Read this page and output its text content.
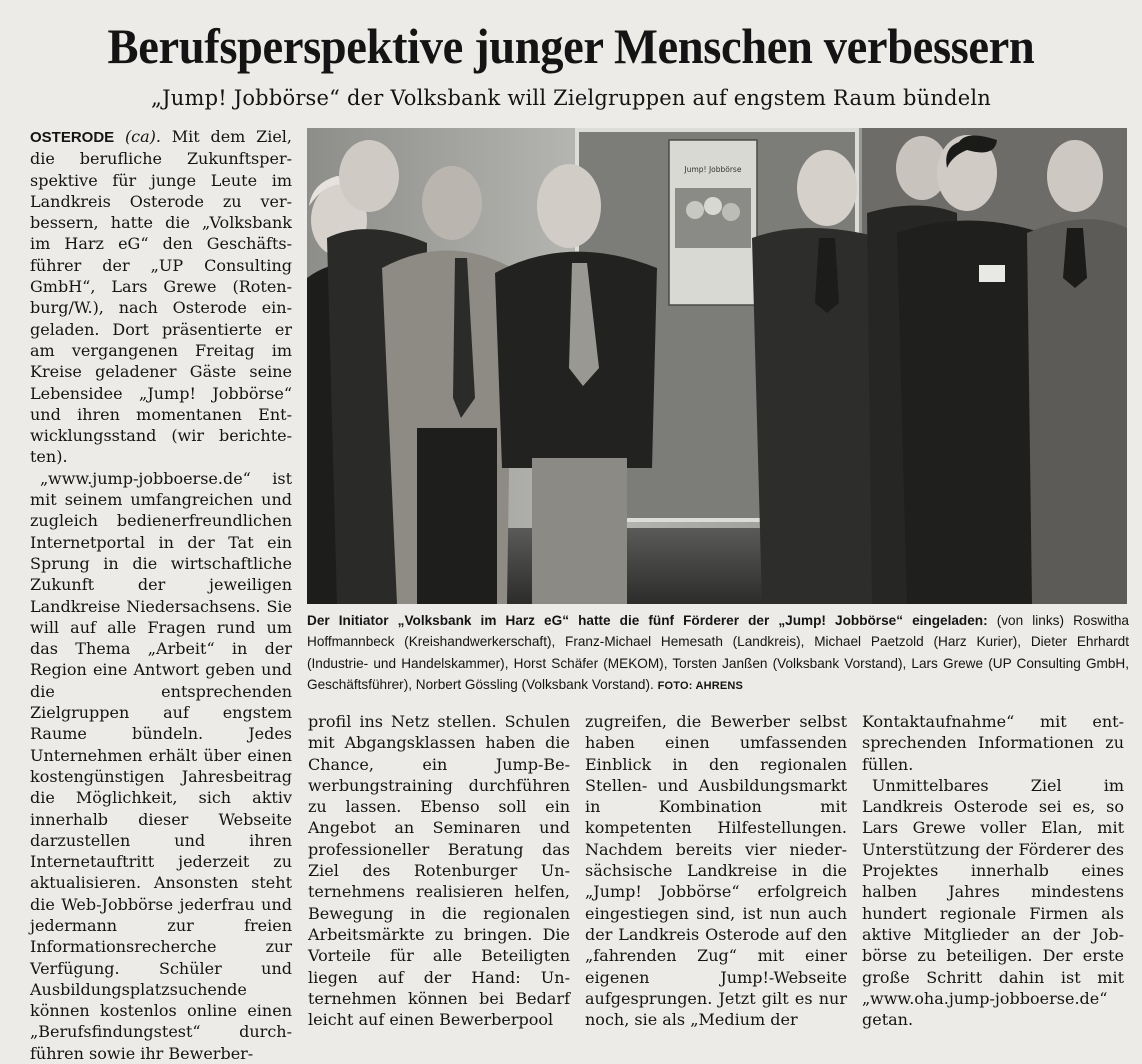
Berufsperspektive junger Menschen verbessern
„Jump! Jobbörse“ der Volksbank will Zielgruppen auf engstem Raum bündeln

OSTERODE (ca). Mit dem Ziel, die berufliche Zukunftsperspektive für junge Leute im Landkreis Osterode zu verbessern, hatte die „Volksbank im Harz eG“ den Geschäftsführer der „UP Consulting GmbH“, Lars Grewe (Rotenburg/W.), nach Osterode eingeladen. Dort präsentierte er am vergangenen Freitag im Kreise geladener Gäste seine Lebensidee „Jump! Jobbörse“ und ihren momentanen Entwicklungsstand (wir berichteten).

„www.jump-jobboerse.de“ ist mit seinem umfangreichen und zugleich bedienerfreundlichen Internetportal in der Tat ein Sprung in die wirtschaftliche Zukunft der jeweiligen Landkreise Niedersachsens. Sie will auf alle Fragen rund um das Thema „Arbeit“ in der Region eine Antwort geben und die entsprechenden Zielgruppen auf engstem Raume bündeln. Jedes Unternehmen erhält über einen kostengünstigen Jahresbeitrag die Möglichkeit, sich aktiv innerhalb dieser Webseite darzustellen und ihren Internetauftritt jederzeit zu aktualisieren. Ansonsten steht die Web-Jobbörse jederfrau und jedermann zur freien Informationsrecherche zur Verfügung. Schüler und Ausbildungsplatzsuchende können kostenlos online einen „Berufsfindungstest“ durchführen sowie ihr Bewerber-

Jump! Jobbörse
Der Initiator „Volksbank im Harz eG“ hatte die fünf Förderer der „Jump! Jobbörse“ eingeladen: (von links) Roswitha Hoffmannbeck (Kreishandwerkerschaft), Franz-Michael Hemesath (Landkreis), Michael Paetzold (Harz Kurier), Dieter Ehrhardt (Industrie- und Handelskammer), Horst Schäfer (MEKOM), Torsten Janßen (Volksbank Vorstand), Lars Grewe (UP Consulting GmbH, Geschäftsführer), Norbert Gössling (Volksbank Vorstand). FOTO: AHRENS

profil ins Netz stellen. Schulen mit Abgangsklassen haben die Chance, ein Jump-Bewerbungstraining durchführen zu lassen. Ebenso soll ein Angebot an Seminaren und professioneller Beratung das Ziel des Rotenburger Unternehmens realisieren helfen, Bewegung in die regionalen Arbeitsmärkte zu bringen. Die Vorteile für alle Beteiligten liegen auf der Hand: Unternehmen können bei Bedarf leicht auf einen Bewerberpool

zugreifen, die Bewerber selbst haben einen umfassenden Einblick in den regionalen Stellen- und Ausbildungsmarkt in Kombination mit kompetenten Hilfestellungen. Nachdem bereits vier niedersächsische Landkreise in die „Jump! Jobbörse“ erfolgreich eingestiegen sind, ist nun auch der Landkreis Osterode auf den „fahrenden Zug“ mit einer eigenen Jump!-Webseite aufgesprungen. Jetzt gilt es nur noch, sie als „Medium der

Kontaktaufnahme“ mit entsprechenden Informationen zu füllen.

Unmittelbares Ziel im Landkreis Osterode sei es, so Lars Grewe voller Elan, mit Unterstützung der Förderer des Projektes innerhalb eines halben Jahres mindestens hundert regionale Firmen als aktive Mitglieder an der Jobbörse zu beteiligen. Der erste große Schritt dahin ist mit „www.oha.jump-jobboerse.de“ getan.
